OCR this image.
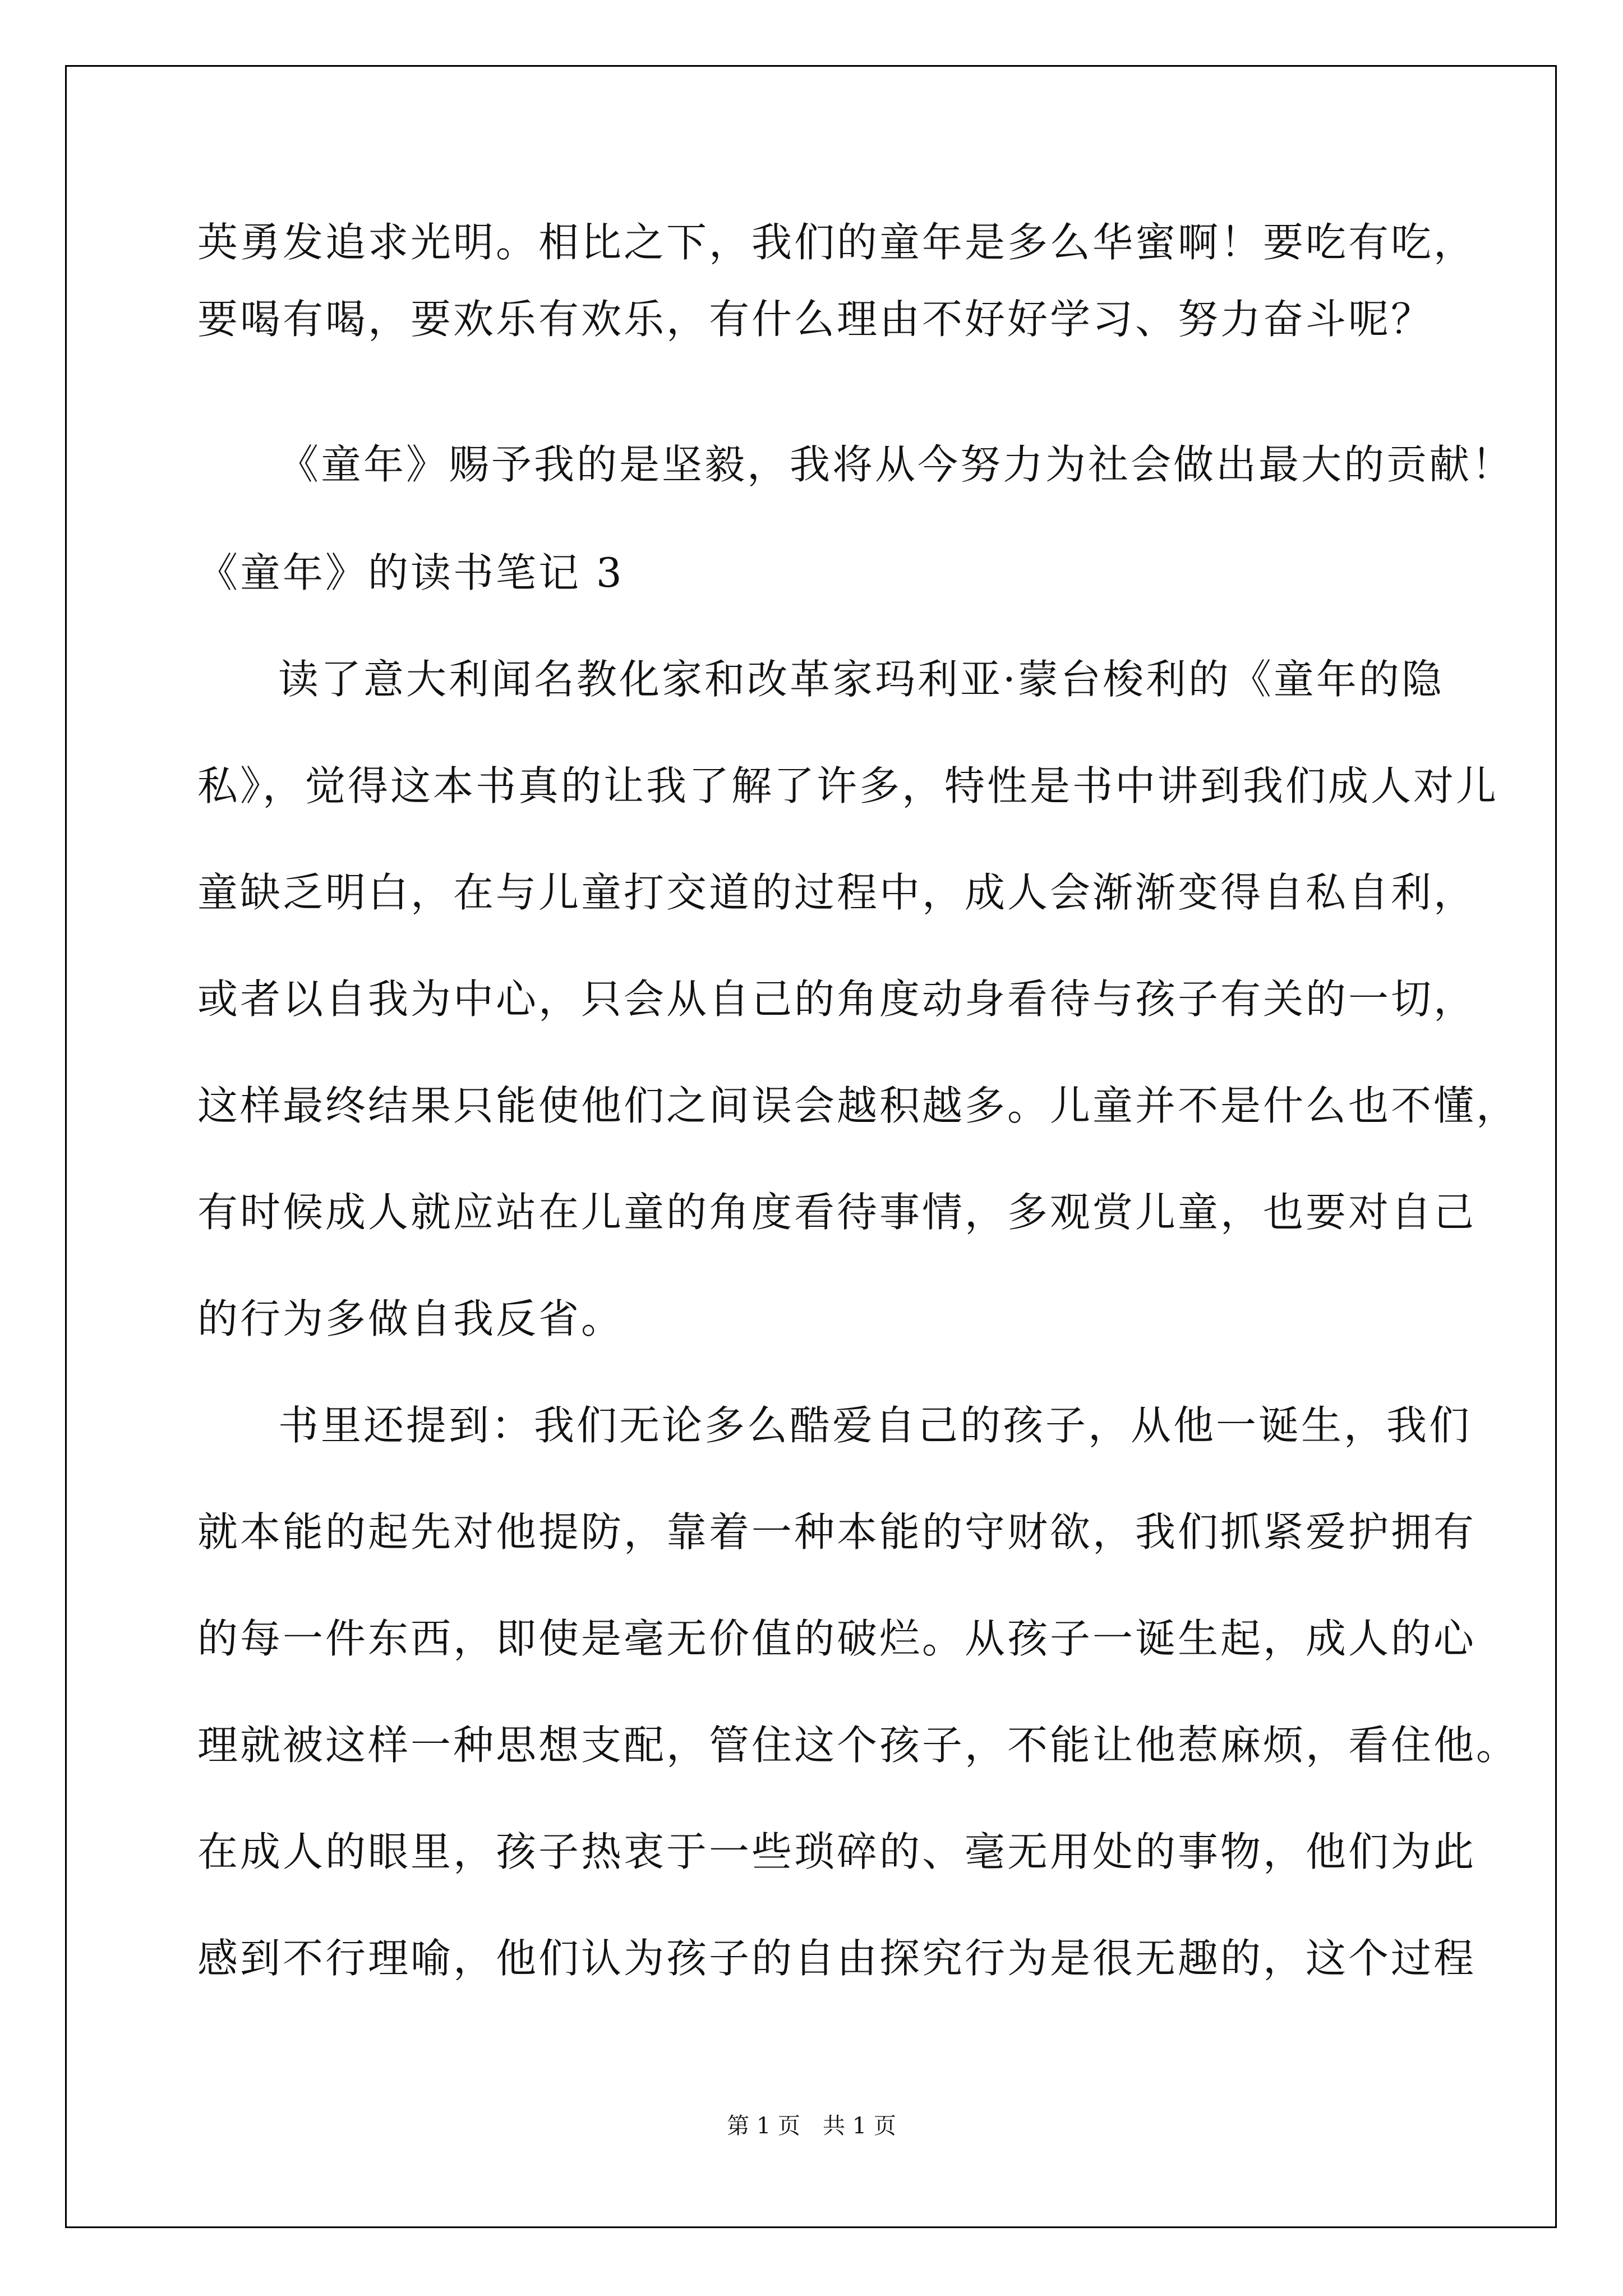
英勇发追求光明。相比之下，我们的童年是多么华蜜啊！要吃有吃，
要喝有喝，要欢乐有欢乐，有什么理由不好好学习、努力奋斗呢？
《童年》赐予我的是坚毅，我将从今努力为社会做出最大的贡献！
《童年》的读书笔记 3
读了意大利闻名教化家和改革家玛利亚·蒙台梭利的《童年的隐
私》，觉得这本书真的让我了解了许多，特性是书中讲到我们成人对儿
童缺乏明白，在与儿童打交道的过程中，成人会渐渐变得自私自利，
或者以自我为中心，只会从自己的角度动身看待与孩子有关的一切，
这样最终结果只能使他们之间误会越积越多。儿童并不是什么也不懂，
有时候成人就应站在儿童的角度看待事情，多观赏儿童，也要对自己
的行为多做自我反省。
书里还提到：我们无论多么酷爱自己的孩子，从他一诞生，我们
就本能的起先对他提防，靠着一种本能的守财欲，我们抓紧爱护拥有
的每一件东西，即使是毫无价值的破烂。从孩子一诞生起，成人的心
理就被这样一种思想支配，管住这个孩子，不能让他惹麻烦，看住他。
在成人的眼里，孩子热衷于一些琐碎的、毫无用处的事物，他们为此
感到不行理喻，他们认为孩子的自由探究行为是很无趣的，这个过程
第 1 页　共 1 页
